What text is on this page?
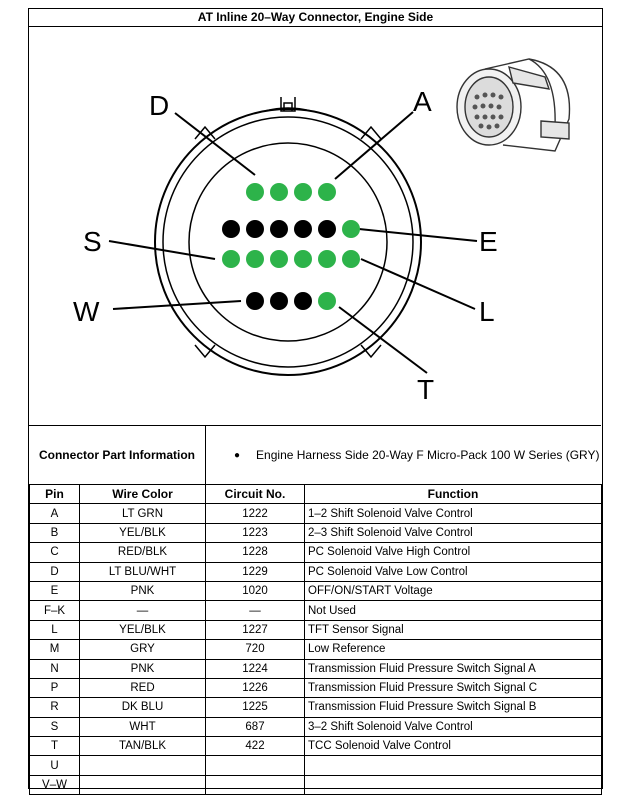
AT Inline 20–Way Connector, Engine Side
D	A
S	E
W	L
T
Connector Part Information	● Engine Harness Side 20-Way F Micro-Pack 100 W Series (GRY)
Pin	Wire Color	Circuit No.	Function
A	LT GRN	1222	1–2 Shift Solenoid Valve Control
B	YEL/BLK	1223	2–3 Shift Solenoid Valve Control
C	RED/BLK	1228	PC Solenoid Valve High Control
D	LT BLU/WHT	1229	PC Solenoid Valve Low Control
E	PNK	1020	OFF/ON/START Voltage
F–K	—	—	Not Used
L	YEL/BLK	1227	TFT Sensor Signal
M	GRY	720	Low Reference
N	PNK	1224	Transmission Fluid Pressure Switch Signal A
P	RED	1226	Transmission Fluid Pressure Switch Signal C
R	DK BLU	1225	Transmission Fluid Pressure Switch Signal B
S	WHT	687	3–2 Shift Solenoid Valve Control
T	TAN/BLK	422	TCC Solenoid Valve Control
U			
V–W			
